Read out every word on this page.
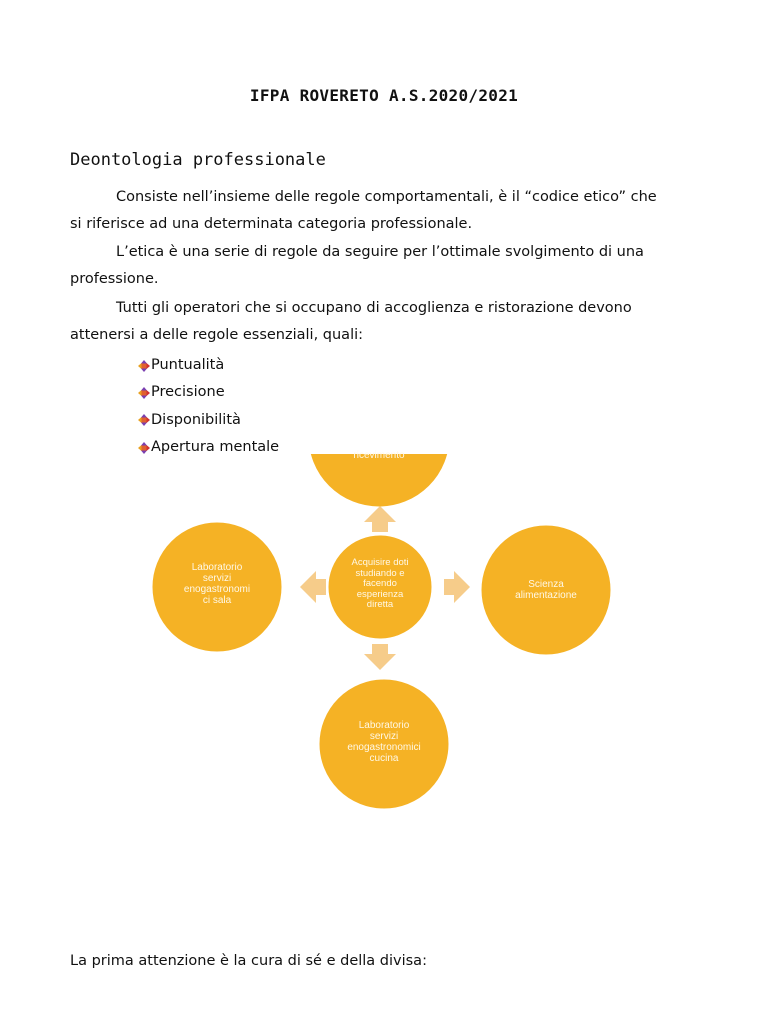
IFPA ROVERETO A.S.2020/2021
Deontologia professionale

Consiste nell’insieme delle regole comportamentali, è il “codice etico” che
si riferisce ad una determinata categoria professionale.

L’etica è una serie di regole da seguire per l’ottimale svolgimento di una
professione.

Tutti gli operatori che si occupano di accoglienza e ristorazione devono
attenersi a delle regole essenziali, quali:

Puntualità
Precisione
Disponibilità
Apertura mentale
ricevimento
Laboratorio
servizi
enogastronomi
ci sala
Acquisire doti
studiando e
facendo
esperienza
diretta
Scienza
alimentazione
Laboratorio
servizi
enogastronomici
cucina
La prima attenzione è la cura di sé e della divisa:
